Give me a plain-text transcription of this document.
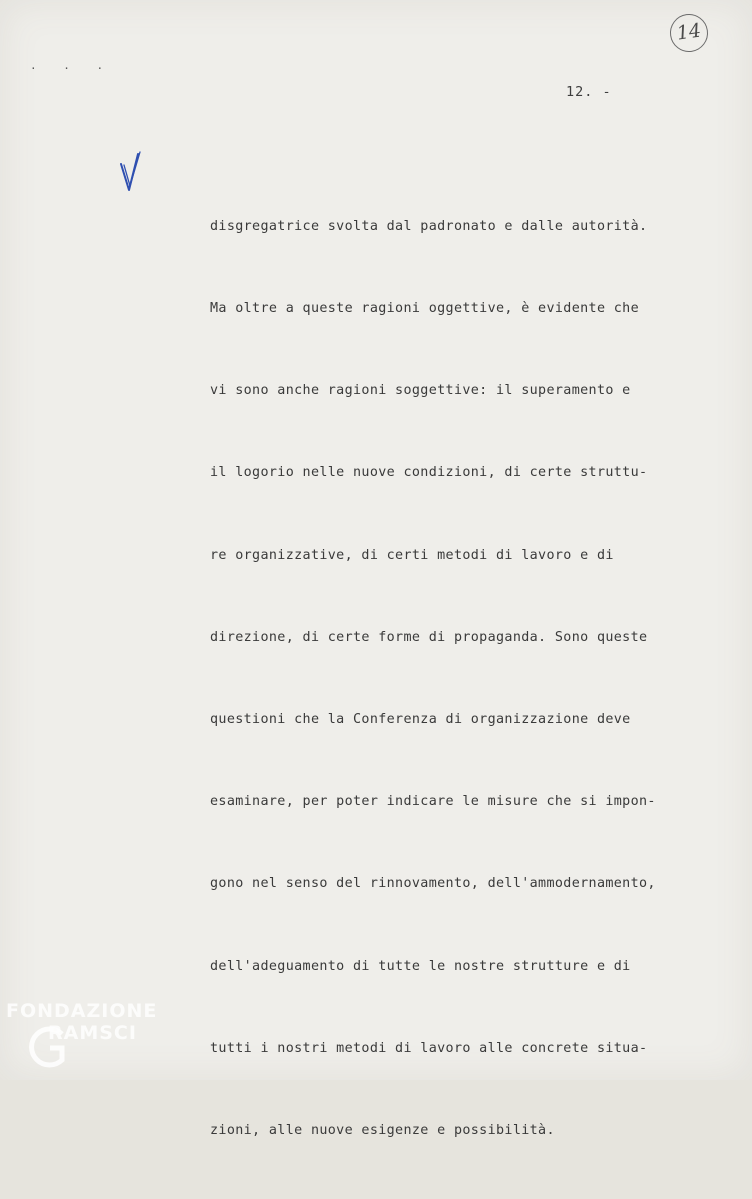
14
· · ·
12. -

disgregatrice svolta dal padronato e dalle autorità.

Ma oltre a queste ragioni oggettive, è evidente che

vi sono anche ragioni soggettive: il superamento e

il logorio nelle nuove condizioni, di certe struttu-

re organizzative, di certi metodi di lavoro e di

direzione, di certe forme di propaganda. Sono queste

questioni che la Conferenza di organizzazione deve

esaminare, per poter indicare le misure che si impon-

gono nel senso del rinnovamento, dell'ammodernamento,

dell'adeguamento di tutte le nostre strutture e di

tutti i nostri metodi di lavoro alle concrete situa-

zioni, alle nuove esigenze e possibilità.

FONDAZIONE
RAMSCI
